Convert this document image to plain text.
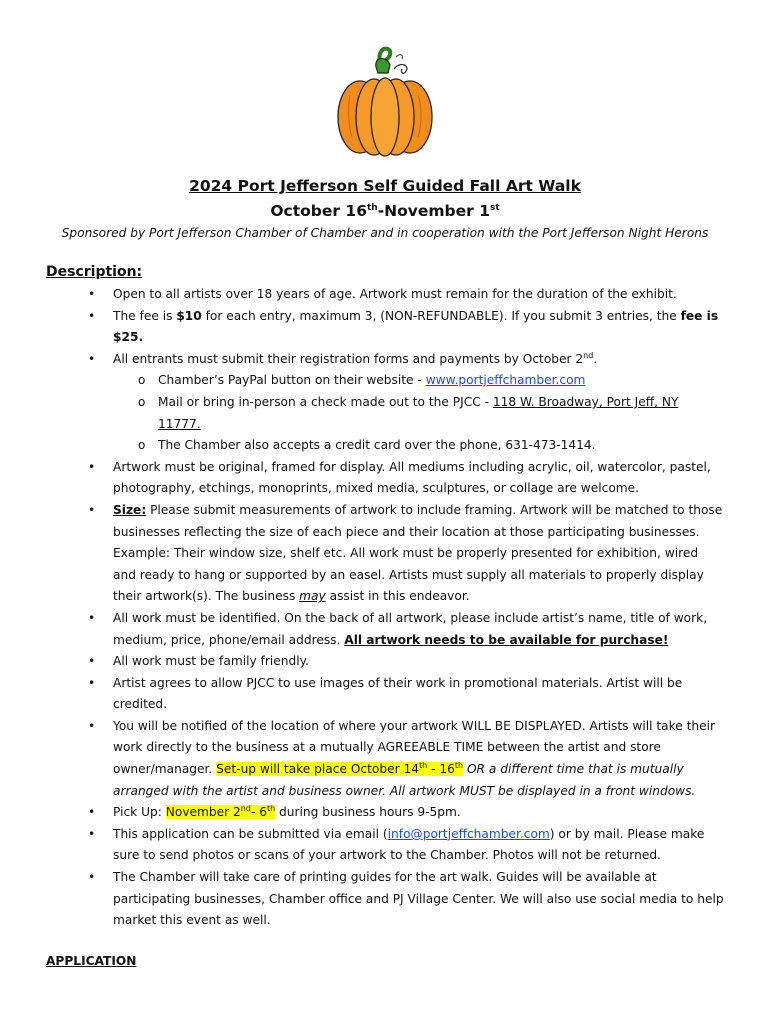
2024 Port Jefferson Self Guided Fall Art Walk
October 16th-November 1st
Sponsored by Port Jefferson Chamber of Chamber and in cooperation with the Port Jefferson Night Herons
Description:
• Open to all artists over 18 years of age. Artwork must remain for the duration of the exhibit.
• The fee is $10 for each entry, maximum 3, (NON-REFUNDABLE). If you submit 3 entries, the fee is $25.
• All entrants must submit their registration forms and payments by October 2nd.
o Chamber’s PayPal button on their website - www.portjeffchamber.com
o Mail or bring in-person a check made out to the PJCC - 118 W. Broadway, Port Jeff, NY 11777.
o The Chamber also accepts a credit card over the phone, 631-473-1414.
• Artwork must be original, framed for display. All mediums including acrylic, oil, watercolor, pastel, photography, etchings, monoprints, mixed media, sculptures, or collage are welcome.
• Size: Please submit measurements of artwork to include framing. Artwork will be matched to those businesses reflecting the size of each piece and their location at those participating businesses. Example: Their window size, shelf etc. All work must be properly presented for exhibition, wired and ready to hang or supported by an easel. Artists must supply all materials to properly display their artwork(s). The business may assist in this endeavor.
• All work must be identified. On the back of all artwork, please include artist’s name, title of work, medium, price, phone/email address. All artwork needs to be available for purchase!
• All work must be family friendly.
• Artist agrees to allow PJCC to use images of their work in promotional materials. Artist will be credited.
• You will be notified of the location of where your artwork WILL BE DISPLAYED. Artists will take their work directly to the business at a mutually AGREEABLE TIME between the artist and store owner/manager. Set-up will take place October 14th - 16th OR a different time that is mutually arranged with the artist and business owner. All artwork MUST be displayed in a front windows.
• Pick Up: November 2nd- 6th during business hours 9-5pm.
• This application can be submitted via email (info@portjeffchamber.com) or by mail. Please make sure to send photos or scans of your artwork to the Chamber. Photos will not be returned.
• The Chamber will take care of printing guides for the art walk. Guides will be available at participating businesses, Chamber office and PJ Village Center. We will also use social media to help market this event as well.
APPLICATION
